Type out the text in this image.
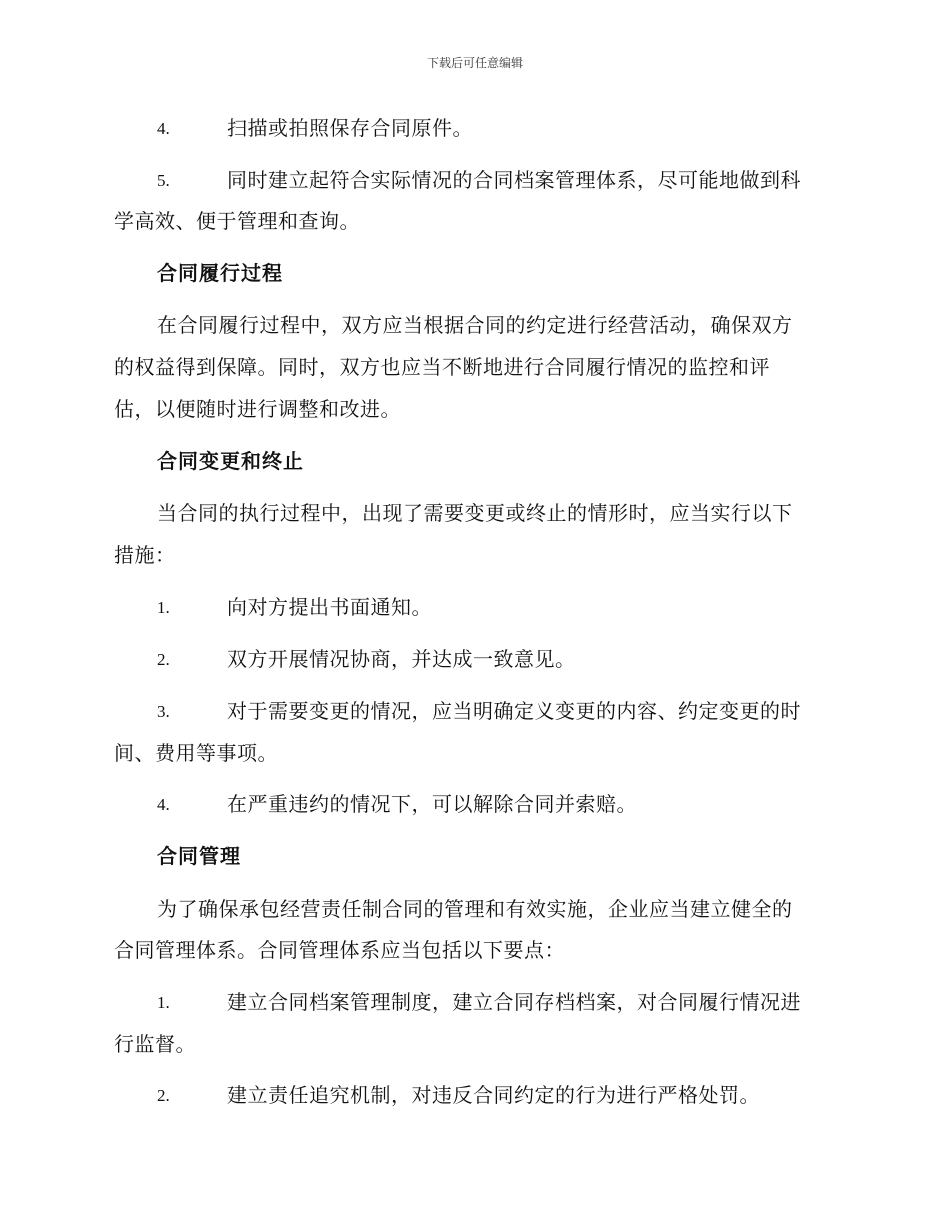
下载后可任意编辑
4.	扫描或拍照保存合同原件。
5.	同时建立起符合实际情况的合同档案管理体系，尽可能地做到科
学高效、便于管理和查询。
合同履行过程
在合同履行过程中，双方应当根据合同的约定进行经营活动，确保双方
的权益得到保障。同时，双方也应当不断地进行合同履行情况的监控和评
估，以便随时进行调整和改进。
合同变更和终止
当合同的执行过程中，出现了需要变更或终止的情形时，应当实行以下
措施：
1.	向对方提出书面通知。
2.	双方开展情况协商，并达成一致意见。
3.	对于需要变更的情况，应当明确定义变更的内容、约定变更的时
间、费用等事项。
4.	在严重违约的情况下，可以解除合同并索赔。
合同管理
为了确保承包经营责任制合同的管理和有效实施，企业应当建立健全的
合同管理体系。合同管理体系应当包括以下要点：
1.	建立合同档案管理制度，建立合同存档档案，对合同履行情况进
行监督。
2.	建立责任追究机制，对违反合同约定的行为进行严格处罚。
